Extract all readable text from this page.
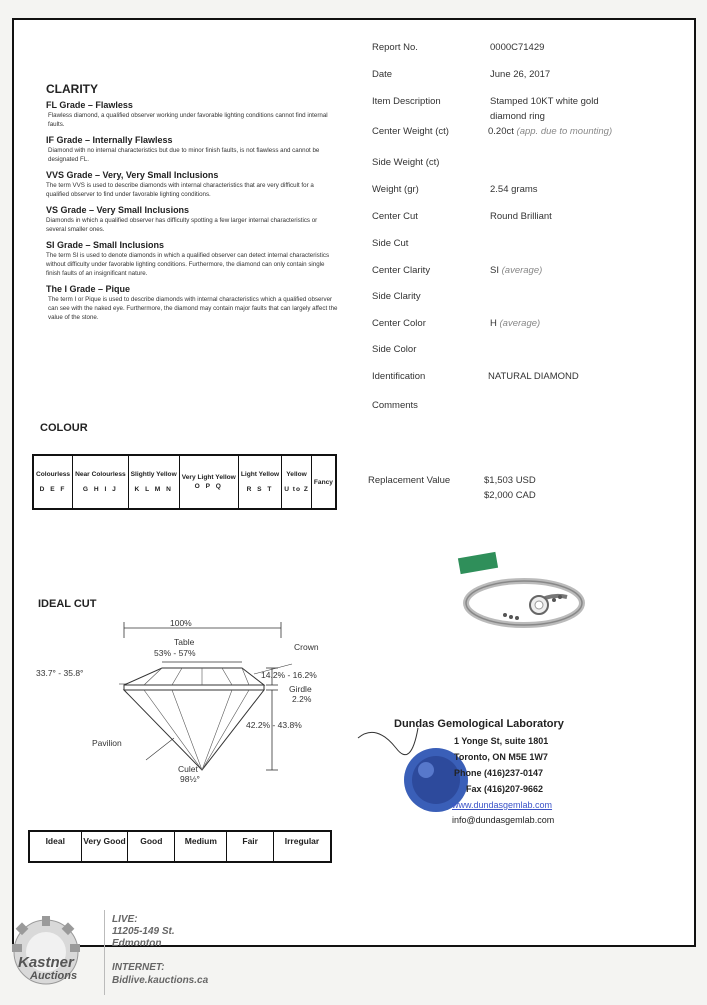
CLARITY
FL Grade – Flawless
Flawless diamond, a qualified observer working under favorable lighting conditions cannot find internal faults.
IF Grade – Internally Flawless
Diamond with no internal characteristics but due to minor finish faults, is not flawless and cannot be designated FL.
VVS Grade – Very, Very Small Inclusions
The term VVS is used to describe diamonds with internal characteristics that are very difficult for a qualified observer to find under favorable lighting conditions.
VS Grade – Very Small Inclusions
Diamonds in which a qualified observer has difficulty spotting a few larger internal characteristics or several smaller ones.
SI Grade – Small Inclusions
The term SI is used to denote diamonds in which a qualified observer can detect internal characteristics without difficulty under favorable lighting conditions. Furthermore, the diamond can only contain single finish faults of an insignificant nature.
The I Grade – Pique
The term I or Pique is used to describe diamonds with internal characteristics which a qualified observer can see with the naked eye. Furthermore, the diamond may contain major faults that can largely affect the value of the stone.
Report No.	0000C71429
Date	June 26, 2017
Item Description	Stamped 10KT white gold
diamond ring
Center Weight (ct)	0.20ct (app. due to mounting)
Side Weight (ct)
Weight (gr)	2.54 grams
Center Cut	Round Brilliant
Side Cut
Center Clarity	SI (average)
Side Clarity
Center Color	H (average)
Side Color
Identification	NATURAL DIAMOND
Comments
Replacement Value	$1,503 USD
$2,000 CAD
COLOUR
Colourless
D E F

Near Colourless
G H I J

Slightly Yellow
K L M N

Very Light Yellow
O P Q

Light Yellow
R S T

Yellow
U to Z

Fancy
IDEAL CUT
100%
Table
53% - 57%
Crown
33.7° - 35.8°	14.2% - 16.2%
Girdle
2.2%
42.2% - 43.8%
Pavilion
Culet
98½°
Ideal	Very Good	Good	Medium	Fair	Irregular
Dundas Gemological Laboratory
1 Yonge St, suite 1801
Toronto, ON M5E 1W7
Phone (416)237-0147
Fax (416)207-9662
www.dundasgemlab.com
info@dundasgemlab.com
Kastner
Auctions
LIVE:
11205-149 St.
Edmonton
INTERNET:
Bidlive.kauctions.ca
